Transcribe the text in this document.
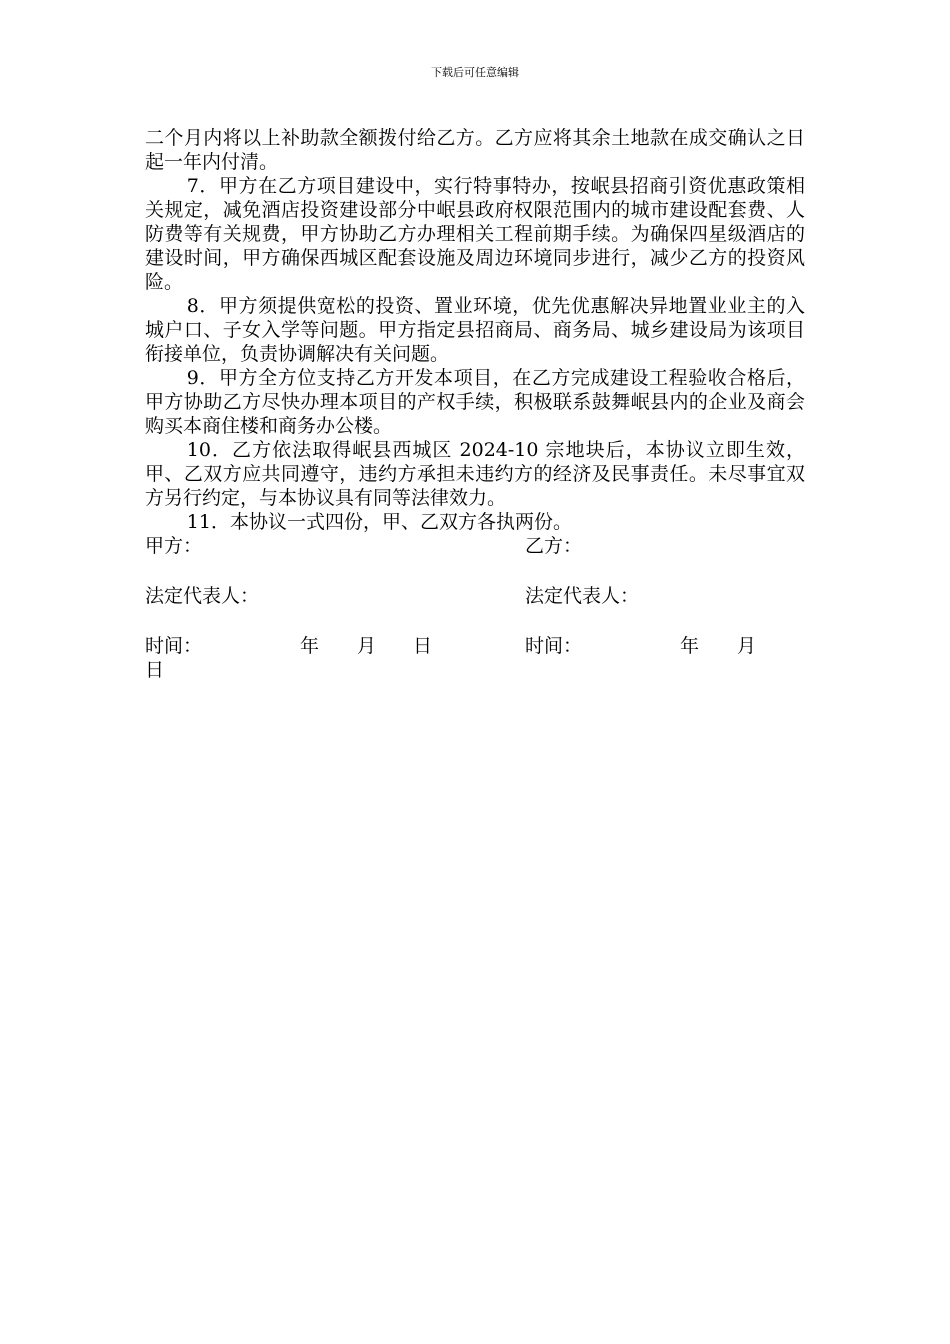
下载后可任意编辑

二个月内将以上补助款全额拨付给乙方。乙方应将其余土地款在成交确认之日起一年内付清。

7．甲方在乙方项目建设中，实行特事特办，按岷县招商引资优惠政策相关规定，减免酒店投资建设部分中岷县政府权限范围内的城市建设配套费、人防费等有关规费，甲方协助乙方办理相关工程前期手续。为确保四星级酒店的建设时间，甲方确保西城区配套设施及周边环境同步进行，减少乙方的投资风险。

8．甲方须提供宽松的投资、置业环境，优先优惠解决异地置业业主的入城户口、子女入学等问题。甲方指定县招商局、商务局、城乡建设局为该项目衔接单位，负责协调解决有关问题。

9．甲方全方位支持乙方开发本项目，在乙方完成建设工程验收合格后，甲方协助乙方尽快办理本项目的产权手续，积极联系鼓舞岷县内的企业及商会购买本商住楼和商务办公楼。

10．乙方依法取得岷县西城区 2024-10 宗地块后，本协议立即生效，甲、乙双方应共同遵守，违约方承担未违约方的经济及民事责任。未尽事宜双方另行约定，与本协议具有同等法律效力。

11．本协议一式四份，甲、乙双方各执两份。

甲方：	乙方：
法定代表人：	法定代表人：
时间：	年 月 日	时间：	年 月
日
